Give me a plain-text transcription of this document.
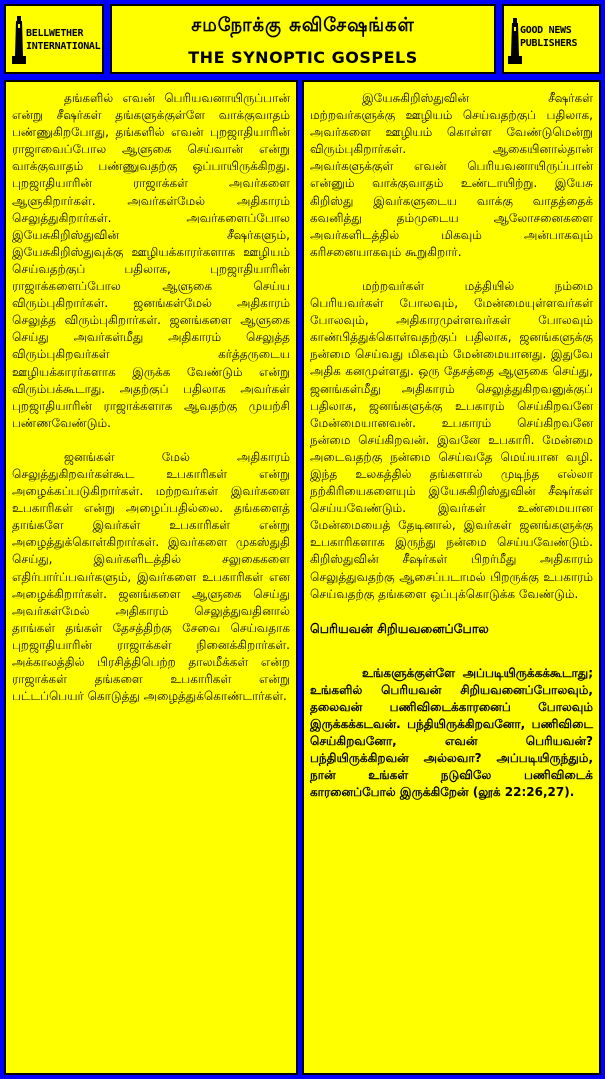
BELLWETHER
INTERNATIONAL
சமநோக்கு சுவிசேஷங்கள்
THE SYNOPTIC GOSPELS
GOOD NEWS
PUBLISHERS

தங்களில் எவன் பெரியவனாயிருப்பான் என்று சீஷர்கள் தங்களுக்குள்ளே வாக்குவாதம் பண்ணுகிறபோது, தங்களில் எவன் புறஜாதியாரின் ராஜாவைப்போல ஆளுகை செய்வான் என்று வாக்குவாதம் பண்ணுவதற்கு ஒப்பாயிருக்கிறது. புறஜாதியாரின் ராஜாக்கள் அவர்களை ஆளுகிறார்கள். அவர்கள்மேல் அதிகாரம் செலுத்துகிறார்கள். அவர்களைப்போல இயேசுகிறிஸ்துவின் சீஷர்களும், இயேசுகிறிஸ்துவுக்கு ஊழியக்காரர்களாக ஊழியம் செய்வதற்குப் பதிலாக, புறஜாதியாரின் ராஜாக்களைப்போல ஆளுகை செய்ய விரும்புகிறார்கள். ஜனங்கள்மேல் அதிகாரம் செலுத்த விரும்புகிறார்கள். ஜனங்களை ஆளுகை செய்து அவர்கள்மீது அதிகாரம் செலுத்த விரும்புகிறவர்கள் கர்த்தருடைய ஊழியக்காரர்களாக இருக்க வேண்டும் என்று விரும்பக்கூடாது. அதற்குப் பதிலாக அவர்கள் புறஜாதியாரின் ராஜாக்களாக ஆவதற்கு முயற்சி பண்ணவேண்டும்.

ஜனங்கள் மேல் அதிகாரம் செலுத்துகிறவர்கள்கூட உபகாரிகள் என்று அழைக்கப்படுகிறார்கள். மற்றவர்கள் இவர்களை உபகாரிகள் என்று அழைப்பதில்லை. தங்களைத் தாங்களே இவர்கள் உபகாரிகள் என்று அழைத்துக்கொள்கிறார்கள். இவர்களை முகஸ்துதி செய்து, இவர்களிடத்தில் சலுகைகளை எதிர்பார்ப்பவர்களும், இவர்களை உபகாரிகள் என அழைக்கிறார்கள். ஜனங்களை ஆளுகை செய்து அவர்கள்மேல் அதிகாரம் செலுத்துவதினால் தாங்கள் தங்கள் தேசத்திற்கு சேவை செய்வதாக புறஜாதியாரின் ராஜாக்கள் நினைக்கிறார்கள். அக்காலத்தில் பிரசித்திபெற்ற தாலமீக்கள் என்ற ராஜாக்கள் தங்களை உபகாரிகள் என்று பட்டப்பெயர் கொடுத்து அழைத்துக்கொண்டார்கள்.

இயேசுகிறிஸ்துவின் சீஷர்கள் மற்றவர்களுக்கு ஊழியம் செய்வதற்குப் பதிலாக, அவர்களை ஊழியம் கொள்ள வேண்டுமென்று விரும்புகிறார்கள். ஆகையினால்தான் அவர்களுக்குள் எவன் பெரியவனாயிருப்பான் என்னும் வாக்குவாதம் உண்டாயிற்று. இயேசு கிறிஸ்து இவர்களுடைய வாக்கு வாதத்தைக் கவனித்து தம்முடைய ஆலோசனைகளை அவர்களிடத்தில் மிகவும் அன்பாகவும் கரிசனையாகவும் கூறுகிறார்.

மற்றவர்கள் மத்தியில் நம்மை பெரியவர்கள் போலவும், மேன்மையுள்ளவர்கள் போலவும், அதிகாரமுள்ளவர்கள் போலவும் காண்பித்துக்கொள்வதற்குப் பதிலாக, ஜனங்களுக்கு நன்மை செய்வது மிகவும் மேன்மையானது. இதுவே அதிக கனமுள்ளது. ஒரு தேசத்தை ஆளுகை செய்து, ஜனங்கள்மீது அதிகாரம் செலுத்துகிறவனுக்குப் பதிலாக, ஜனங்களுக்கு உபகாரம் செய்கிறவனே மேன்மையானவன். உபகாரம் செய்கிறவனே நன்மை செய்கிறவன். இவனே உபகாரி. மேன்மை அடைவதற்கு நன்மை செய்வதே மெய்யான வழி. இந்த உலகத்தில் தங்களால் முடிந்த எல்லா நற்கிரியைகளையும் இயேசுகிறிஸ்துவின் சீஷர்கள் செய்யவேண்டும். இவர்கள் உண்மையான மேன்மையைத் தேடினால், இவர்கள் ஜனங்களுக்கு உபகாரிகளாக இருந்து நன்மை செய்யவேண்டும். கிறிஸ்துவின் சீஷர்கள் பிறர்மீது அதிகாரம் செலுத்துவதற்கு ஆசைப்படாமல் பிறருக்கு உபகாரம் செய்வதற்கு தங்களை ஒப்புக்கொடுக்க வேண்டும்.

பெரியவன் சிறியவனைப்போல

உங்களுக்குள்ளே அப்படியிருக்கக்கூடாது; உங்களில் பெரியவன் சிறியவனைப்போலவும், தலைவன் பணிவிடைக்காரனைப் போலவும் இருக்கக்கடவன். பந்தியிருக்கிறவனோ, பணிவிடை செய்கிறவனோ, எவன் பெரியவன்? பந்தியிருக்கிறவன் அல்லவா? அப்படியிருந்தும், நான் உங்கள் நடுவிலே பணிவிடைக் காரனைப்போல் இருக்கிறேன் (லூக் 22:26,27).
